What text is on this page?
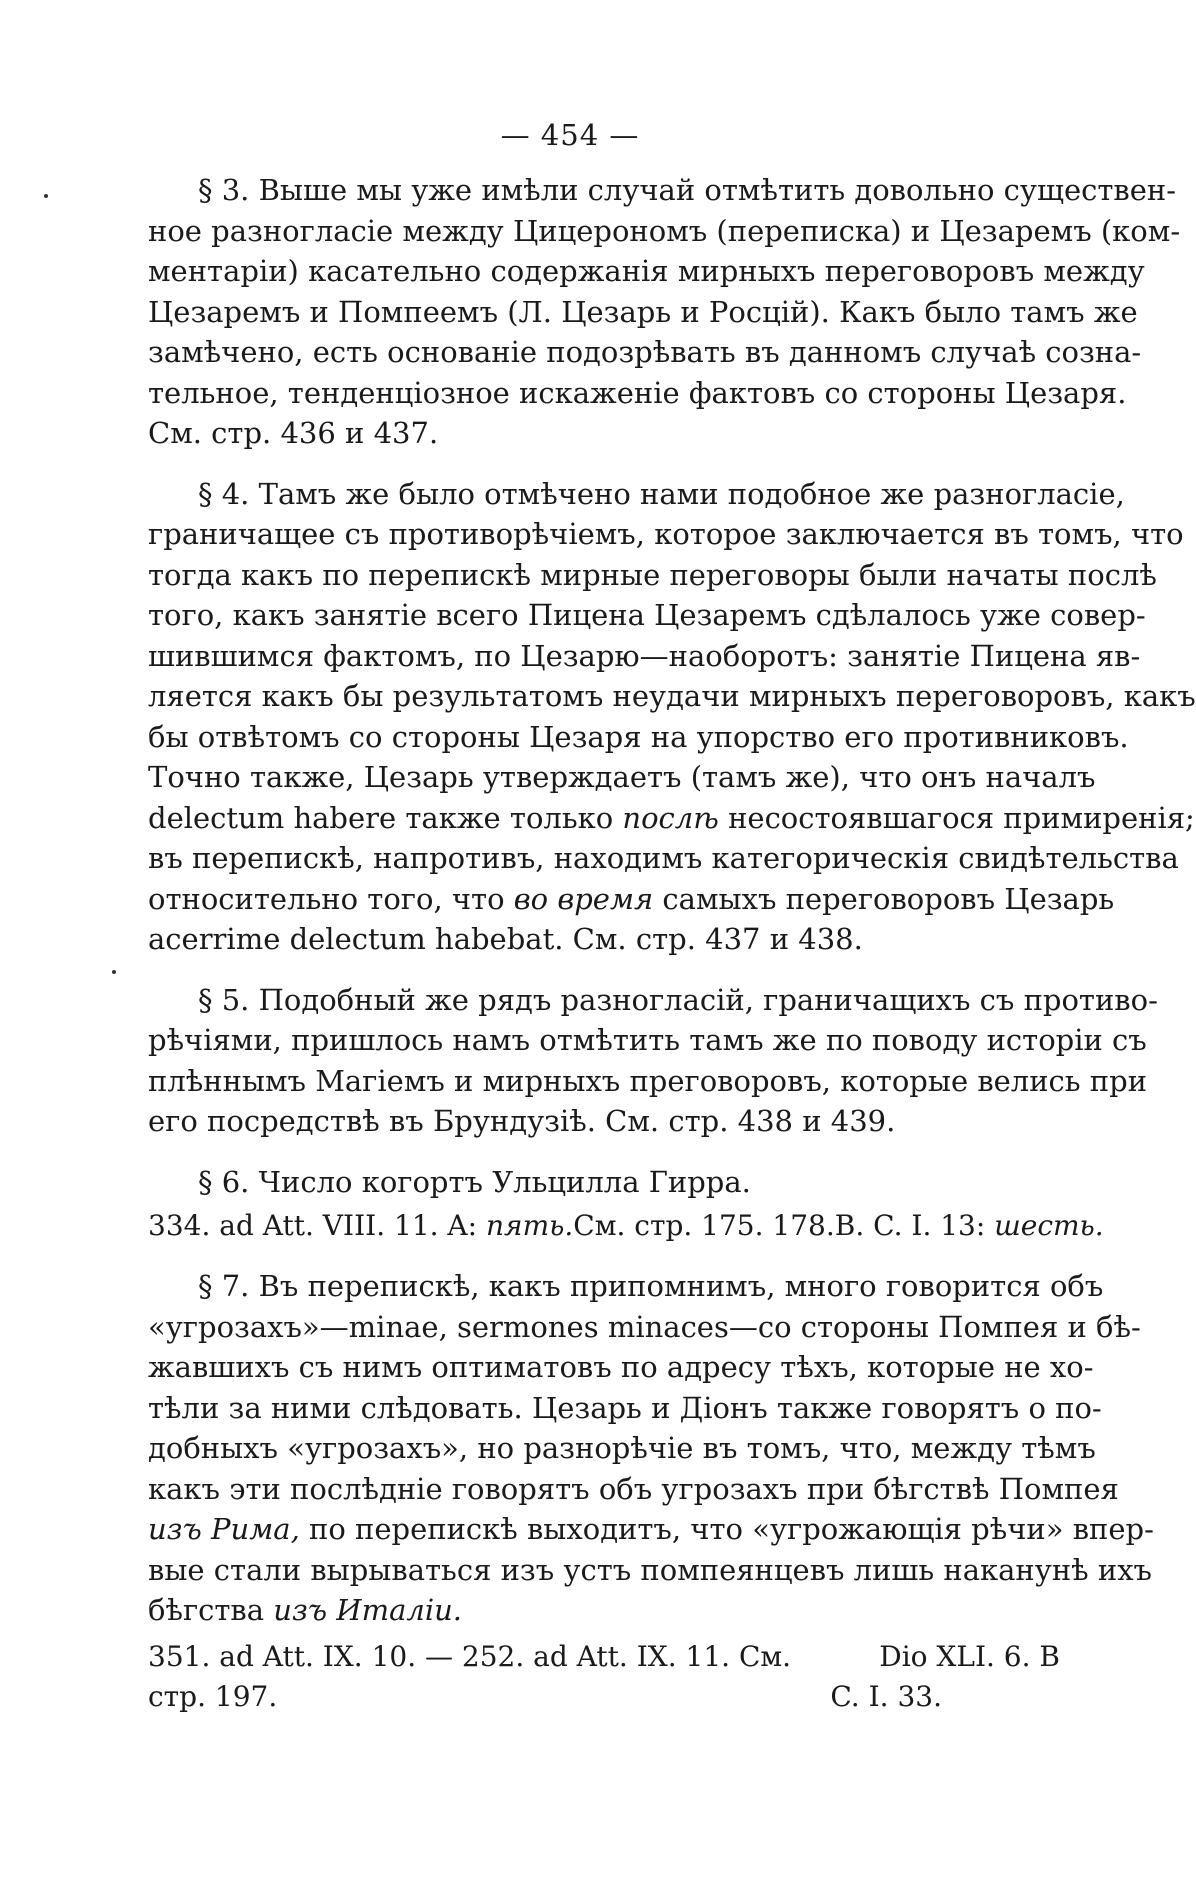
— 454 —
§ 3. Выше мы уже имѣли случай отмѣтить довольно существен-
ное разногласіе между Цицерономъ (перепиcка) и Цезаремъ (ком-
ментаріи) касательно содержанія мирныхъ переговоровъ между
Цезаремъ и Помпеемъ (Л. Цезарь и Росцій). Какъ было тамъ же
замѣчено, есть основаніе подозрѣвать въ данномъ случаѣ созна-
тельное, тенденціозное искаженіе фактовъ со стороны Цезаря.
См. стр. 436 и 437.
§ 4. Тамъ же было отмѣчено нами подобное же разногласіе,
граничащее съ противорѣчіемъ, которое заключается въ томъ, что
тогда какъ по перепискѣ мирные переговоры были начаты послѣ
того, какъ занятіе всего Пицена Цезаремъ сдѣлалось уже совер-
шившимся фактомъ, по Цезарю—наоборотъ: занятіе Пицена яв-
ляется какъ бы результатомъ неудачи мирныхъ переговоровъ, какъ
бы отвѣтомъ со стороны Цезаря на упорство его противниковъ.
Точно также, Цезарь утверждаетъ (тамъ же), что онъ началъ
delectum habere также только послѣ несостоявшагося примиренія;
въ перепискѣ, напротивъ, находимъ категорическія свидѣтельства
относительно того, что во время самыхъ переговоровъ Цезарь
acerrime delectum habebat. См. стр. 437 и 438.
§ 5. Подобный же рядъ разногласій, граничащихъ съ противо-
рѣчіями, пришлось намъ отмѣтить тамъ же по поводу исторіи съ
плѣннымъ Магіемъ и мирныхъ преговоровъ, которые велись при
его посредствѣ въ Брундузіѣ. См. стр. 438 и 439.
§ 6. Число когортъ Ульцилла Гирра.
334. ad Att. VIII. 11. A: пять. См. стр. 175. 178. B. C. I. 13: шесть.
§ 7. Въ перепискѣ, какъ припомнимъ, много говорится объ
«угрозахъ»—minae, sermones minaces—со стороны Помпея и бѣ-
жавшихъ съ нимъ оптиматовъ по адресу тѣхъ, которые не хо-
тѣли за ними слѣдовать. Цезарь и Діонъ также говорятъ о по-
добныхъ «угрозахъ», но разнорѣчіе въ томъ, что, между тѣмъ
какъ эти послѣдніе говорятъ объ угрозахъ при бѣгствѣ Помпея
изъ Рима, по перепискѣ выходитъ, что «угрожающія рѣчи» впер-
вые стали вырываться изъ устъ помпеянцевъ лишь наканунѣ ихъ
бѣгства изъ Италіи.
351. ad Att. IX. 10. — 252. ad Att. IX. 11. См.	Dio XLI. 6. B
стр. 197.	C. I. 33.
